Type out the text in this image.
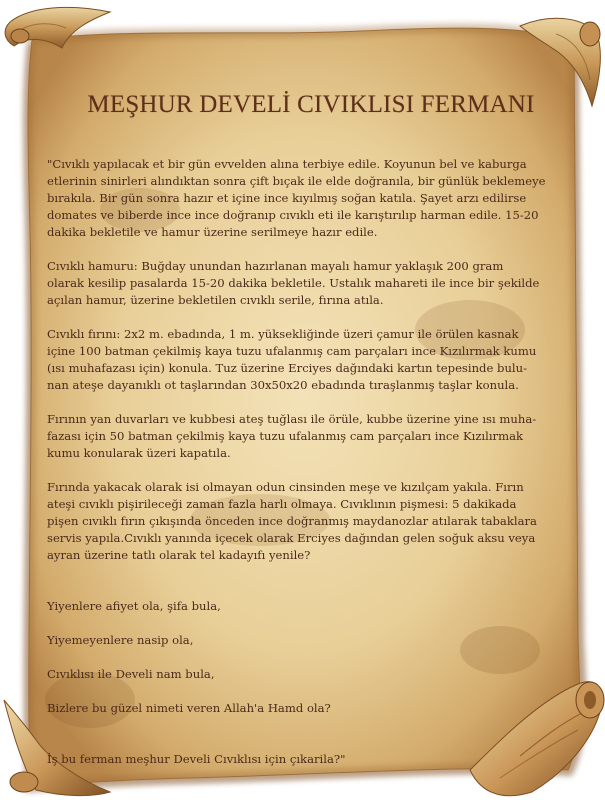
MEŞHUR DEVELİ CIVIKLISI FERMANI

"Cıvıklı yapılacak et bir gün evvelden alına terbiye edile. Koyunun bel ve kaburga
etlerinin sinirleri alındıktan sonra çift bıçak ile elde doğranıla, bir günlük beklemeye
bırakıla. Bir gün sonra hazır et içine ince kıyılmış soğan katıla. Şayet arzı edilirse
domates ve biberde ince ince doğranıp cıvıklı eti ile karıştırılıp harman edile. 15-20
dakika bekletile ve hamur üzerine serilmeye hazır edile.

Cıvıklı hamuru: Buğday unundan hazırlanan mayalı hamur yaklaşık 200 gram
olarak kesilip pasalarda 15-20 dakika bekletile. Ustalık mahareti ile ince bir şekilde
açılan hamur, üzerine bekletilen cıvıklı serile, fırına atıla.

Cıvıklı fırını: 2x2 m. ebadında, 1 m. yüksekliğinde üzeri çamur ile örülen kasnak
içine 100 batman çekilmiş kaya tuzu ufalanmış cam parçaları ince Kızılırmak kumu
(ısı muhafazası için) konula. Tuz üzerine Erciyes dağındaki kartın tepesinde bulu-
nan ateşe dayanıklı ot taşlarından 30x50x20 ebadında tıraşlanmış taşlar konula.

Fırının yan duvarları ve kubbesi ateş tuğlası ile örüle, kubbe üzerine yine ısı muha-
fazası için 50 batman çekilmiş kaya tuzu ufalanmış cam parçaları ince Kızılırmak
kumu konularak üzeri kapatıla.

Fırında yakacak olarak isi olmayan odun cinsinden meşe ve kızılçam yakıla. Fırın
ateşi cıvıklı pişirileceği zaman fazla harlı olmaya. Cıvıklının pişmesi: 5 dakikada
pişen cıvıklı fırın çıkışında önceden ince doğranmış maydanozlar atılarak tabaklara
servis yapıla.Cıvıklı yanında içecek olarak Erciyes dağından gelen soğuk aksu veya
ayran üzerine tatlı olarak tel kadayıfı yenile?

Yiyenlere afiyet ola, şifa bula,

Yiyemeyenlere nasip ola,

Cıvıklısı ile Develi nam bula,

Bizlere bu güzel nimeti veren Allah'a Hamd ola?

İş bu ferman meşhur Develi Cıvıklısı için çıkarila?"
